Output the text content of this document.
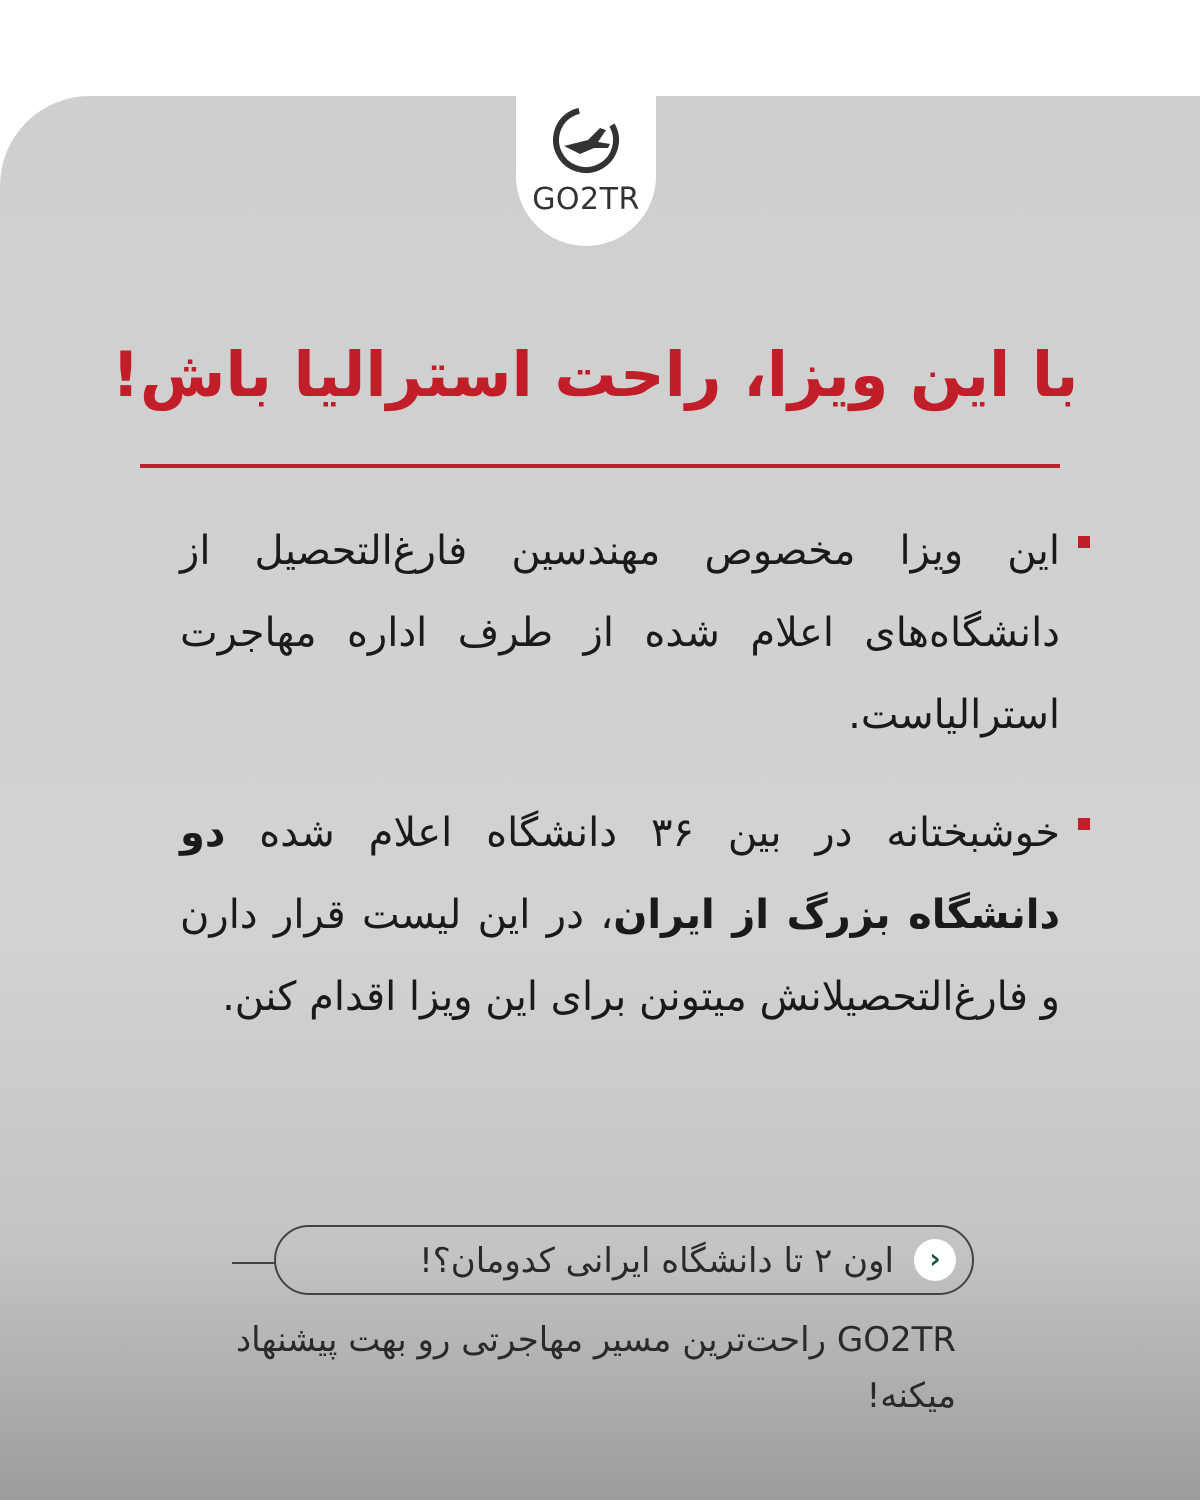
GO2TR
با این ویزا، راحت استرالیا باش!
این ویزا مخصوص مهندسین فارغ‌التحصیل از دانشگاه‌های اعلام شده از طرف اداره مهاجرت استرالیاست.
خوشبختانه در بین ۳۶ دانشگاه اعلام شده دو دانشگاه بزرگ از ایران، در این لیست قرار دارن و فارغ‌التحصیلانش میتونن برای این ویزا اقدام کنن.
‹
اون ۲ تا دانشگاه ایرانی کدومان؟!
GO2TR راحت‌ترین مسیر مهاجرتی رو بهت پیشنهاد میکنه!
